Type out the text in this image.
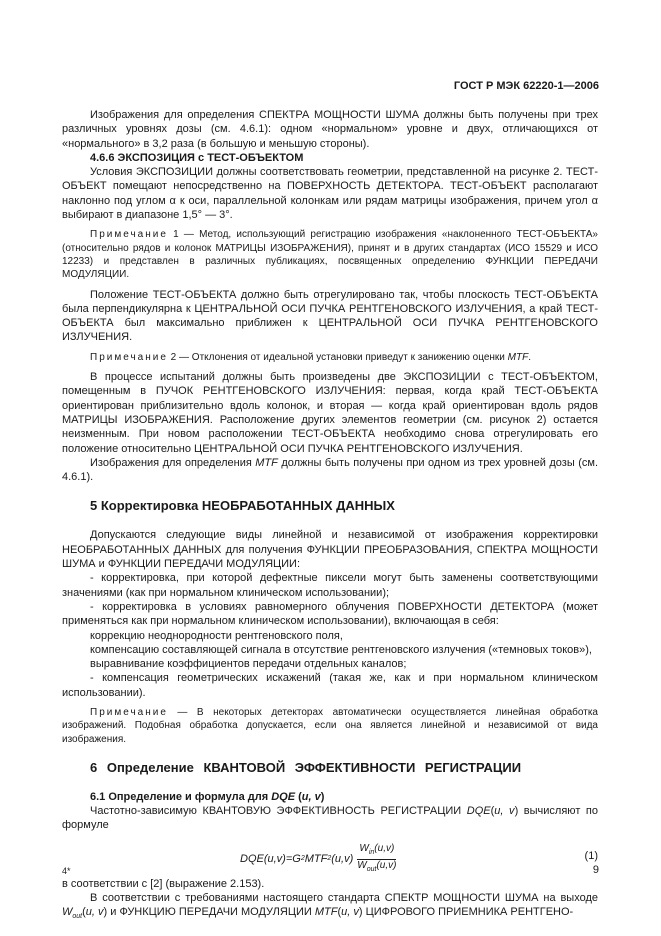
ГОСТ Р МЭК 62220-1—2006

Изображения для определения СПЕКТРА МОЩНОСТИ ШУМА должны быть получены при трех различных уровнях дозы (см. 4.6.1): одном «нормальном» уровне и двух, отличающихся от «нормального» в 3,2 раза (в большую и меньшую стороны).

4.6.6 ЭКСПОЗИЦИЯ с ТЕСТ-ОБЪЕКТОМ

Условия ЭКСПОЗИЦИИ должны соответствовать геометрии, представленной на рисунке 2. ТЕСТ-ОБЪЕКТ помещают непосредственно на ПОВЕРХНОСТЬ ДЕТЕКТОРА. ТЕСТ-ОБЪЕКТ располагают наклонно под углом α к оси, параллельной колонкам или рядам матрицы изображения, причем угол α выбирают в диапазоне 1,5° — 3°.

Примечание 1 — Метод, использующий регистрацию изображения «наклоненного ТЕСТ-ОБЪЕКТА» (относительно рядов и колонок МАТРИЦЫ ИЗОБРАЖЕНИЯ), принят и в других стандартах (ИСО 15529 и ИСО 12233) и представлен в различных публикациях, посвященных определению ФУНКЦИИ ПЕРЕДАЧИ МОДУЛЯЦИИ.

Положение ТЕСТ-ОБЪЕКТА должно быть отрегулировано так, чтобы плоскость ТЕСТ-ОБЪЕКТА была перпендикулярна к ЦЕНТРАЛЬНОЙ ОСИ ПУЧКА РЕНТГЕНОВСКОГО ИЗЛУЧЕНИЯ, а край ТЕСТ-ОБЪЕКТА был максимально приближен к ЦЕНТРАЛЬНОЙ ОСИ ПУЧКА РЕНТГЕНОВСКОГО ИЗЛУЧЕНИЯ.

Примечание 2 — Отклонения от идеальной установки приведут к занижению оценки MTF.

В процессе испытаний должны быть произведены две ЭКСПОЗИЦИИ с ТЕСТ-ОБЪЕКТОМ, помещенным в ПУЧОК РЕНТГЕНОВСКОГО ИЗЛУЧЕНИЯ: первая, когда край ТЕСТ-ОБЪЕКТА ориентирован приблизительно вдоль колонок, и вторая — когда край ориентирован вдоль рядов МАТРИЦЫ ИЗОБРАЖЕНИЯ. Расположение других элементов геометрии (см. рисунок 2) остается неизменным. При новом расположении ТЕСТ-ОБЪЕКТА необходимо снова отрегулировать его положение относительно ЦЕНТРАЛЬНОЙ ОСИ ПУЧКА РЕНТГЕНОВСКОГО ИЗЛУЧЕНИЯ.

Изображения для определения MTF должны быть получены при одном из трех уровней дозы (см. 4.6.1).

5 Корректировка НЕОБРАБОТАННЫХ ДАННЫХ

Допускаются следующие виды линейной и независимой от изображения корректировки НЕОБРАБОТАННЫХ ДАННЫХ для получения ФУНКЦИИ ПРЕОБРАЗОВАНИЯ, СПЕКТРА МОЩНОСТИ ШУМА и ФУНКЦИИ ПЕРЕДАЧИ МОДУЛЯЦИИ:

- корректировка, при которой дефектные пиксели могут быть заменены соответствующими значениями (как при нормальном клиническом использовании);

- корректировка в условиях равномерного облучения ПОВЕРХНОСТИ ДЕТЕКТОРА (может применяться как при нормальном клиническом использовании), включающая в себя:

коррекцию неоднородности рентгеновского поля,

компенсацию составляющей сигнала в отсутствие рентгеновского излучения («темновых токов»),

выравнивание коэффициентов передачи отдельных каналов;

- компенсация геометрических искажений (такая же, как и при нормальном клиническом использовании).

Примечание — В некоторых детекторах автоматически осуществляется линейная обработка изображений. Подобная обработка допускается, если она является линейной и независимой от вида изображения.

6 Определение КВАНТОВОЙ ЭФФЕКТИВНОСТИ РЕГИСТРАЦИИ

6.1 Определение и формула для DQE (u, v)

Частотно-зависимую КВАНТОВУЮ ЭФФЕКТИВНОСТЬ РЕГИСТРАЦИИ DQE(u, v) вычисляют по формуле

DQE(u,v)=G 2 MTF 2 $(u,v) \frac{W_{in}(u,v)}{W_{out}(u,v)}$	(1)

в соответствии с [2] (выражение 2.153).

В соответствии с требованиями настоящего стандарта СПЕКТР МОЩНОСТИ ШУМА на выходе $W_{out}(u$, v) и ФУНКЦИЮ ПЕРЕДАЧИ МОДУЛЯЦИИ MTF(u, v) ЦИФРОВОГО ПРИЕМНИКА РЕНТГЕНО-

4*	9
